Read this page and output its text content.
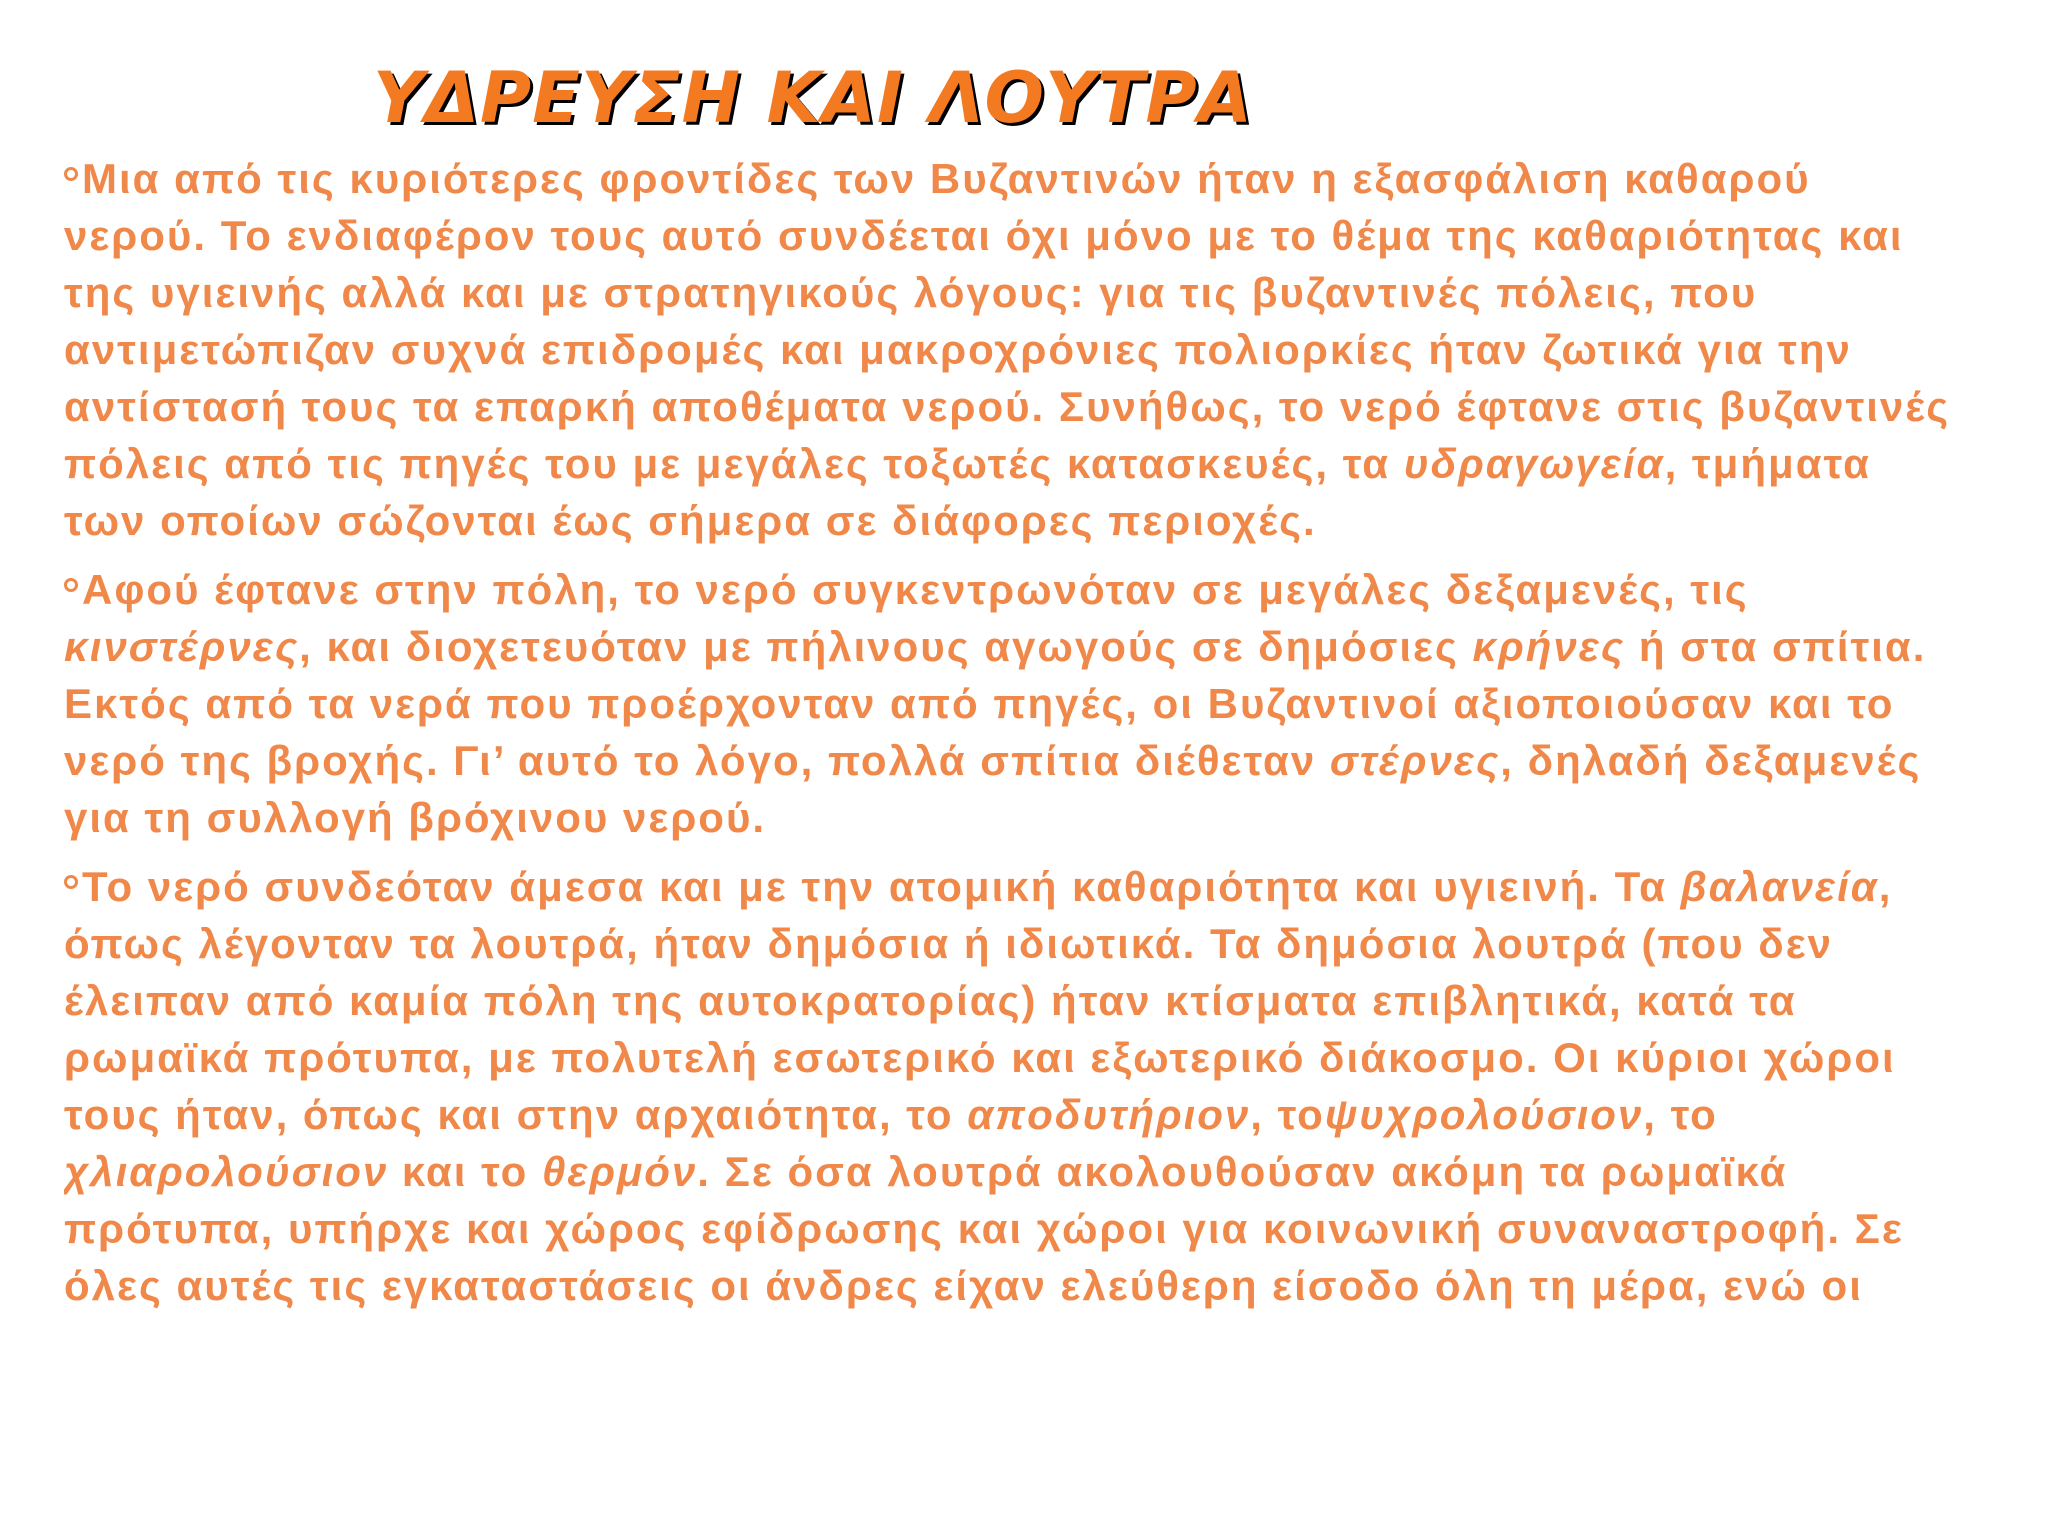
ΥΔΡΕΥΣΗ ΚΑΙ ΛΟΥΤΡΑ

Μια από τις κυριότερες φροντίδες των Βυζαντινών ήταν η εξασφάλιση καθαρού νερού. Το ενδιαφέρον τους αυτό συνδέεται όχι μόνο με το θέμα της καθαριότητας και της υγιεινής αλλά και με στρατηγικούς λόγους: για τις βυζαντινές πόλεις, που αντιμετώπιζαν συχνά επιδρομές και μακροχρόνιες πολιορκίες ήταν ζωτικά για την αντίστασή τους τα επαρκή αποθέματα νερού. Συνήθως, το νερό έφτανε στις βυζαντινές πόλεις από τις πηγές του με μεγάλες τοξωτές κατασκευές, τα υδραγωγεία, τμήματα των οποίων σώζονται έως σήμερα σε διάφορες περιοχές.

Αφού έφτανε στην πόλη, το νερό συγκεντρωνόταν σε μεγάλες δεξαμενές, τις κινστέρνες, και διοχετευόταν με πήλινους αγωγούς σε δημόσιες κρήνες ή στα σπίτια. Εκτός από τα νερά που προέρχονταν από πηγές, οι Βυζαντινοί αξιοποιούσαν και το νερό της βροχής. Γι’ αυτό το λόγο, πολλά σπίτια διέθεταν στέρνες, δηλαδή δεξαμενές για τη συλλογή βρόχινου νερού.

Το νερό συνδεόταν άμεσα και με την ατομική καθαριότητα και υγιεινή. Τα βαλανεία, όπως λέγονταν τα λουτρά, ήταν δημόσια ή ιδιωτικά. Τα δημόσια λουτρά (που δεν έλειπαν από καμία πόλη της αυτοκρατορίας) ήταν κτίσματα επιβλητικά, κατά τα ρωμαϊκά πρότυπα, με πολυτελή εσωτερικό και εξωτερικό διάκοσμο. Οι κύριοι χώροι τους ήταν, όπως και στην αρχαιότητα, το αποδυτήριον, τοψυχρολούσιον, το χλιαρολούσιον και το θερμόν. Σε όσα λουτρά ακολουθούσαν ακόμη τα ρωμαϊκά πρότυπα, υπήρχε και χώρος εφίδρωσης και χώροι για κοινωνική συναναστροφή. Σε όλες αυτές τις εγκαταστάσεις οι άνδρες είχαν ελεύθερη είσοδο όλη τη μέρα, ενώ οι
